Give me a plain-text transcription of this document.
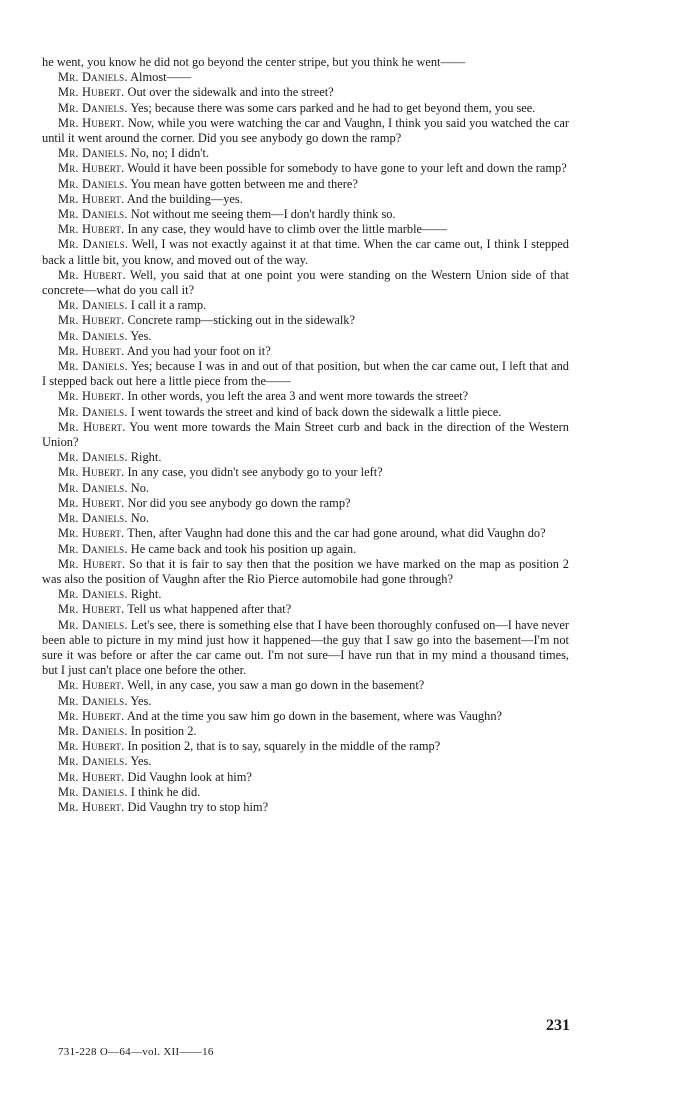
he went, you know he did not go beyond the center stripe, but you think he went——

Mr. Daniels. Almost——

Mr. Hubert. Out over the sidewalk and into the street?

Mr. Daniels. Yes; because there was some cars parked and he had to get beyond them, you see.

Mr. Hubert. Now, while you were watching the car and Vaughn, I think you said you watched the car until it went around the corner. Did you see anybody go down the ramp?

Mr. Daniels. No, no; I didn't.

Mr. Hubert. Would it have been possible for somebody to have gone to your left and down the ramp?

Mr. Daniels. You mean have gotten between me and there?

Mr. Hubert. And the building—yes.

Mr. Daniels. Not without me seeing them—I don't hardly think so.

Mr. Hubert. In any case, they would have to climb over the little marble——

Mr. Daniels. Well, I was not exactly against it at that time. When the car came out, I think I stepped back a little bit, you know, and moved out of the way.

Mr. Hubert. Well, you said that at one point you were standing on the Western Union side of that concrete—what do you call it?

Mr. Daniels. I call it a ramp.

Mr. Hubert. Concrete ramp—sticking out in the sidewalk?

Mr. Daniels. Yes.

Mr. Hubert. And you had your foot on it?

Mr. Daniels. Yes; because I was in and out of that position, but when the car came out, I left that and I stepped back out here a little piece from the——

Mr. Hubert. In other words, you left the area 3 and went more towards the street?

Mr. Daniels. I went towards the street and kind of back down the sidewalk a little piece.

Mr. Hubert. You went more towards the Main Street curb and back in the direction of the Western Union?

Mr. Daniels. Right.

Mr. Hubert. In any case, you didn't see anybody go to your left?

Mr. Daniels. No.

Mr. Hubert. Nor did you see anybody go down the ramp?

Mr. Daniels. No.

Mr. Hubert. Then, after Vaughn had done this and the car had gone around, what did Vaughn do?

Mr. Daniels. He came back and took his position up again.

Mr. Hubert. So that it is fair to say then that the position we have marked on the map as position 2 was also the position of Vaughn after the Rio Pierce automobile had gone through?

Mr. Daniels. Right.

Mr. Hubert. Tell us what happened after that?

Mr. Daniels. Let's see, there is something else that I have been thoroughly confused on—I have never been able to picture in my mind just how it happened—the guy that I saw go into the basement—I'm not sure it was before or after the car came out. I'm not sure—I have run that in my mind a thousand times, but I just can't place one before the other.

Mr. Hubert. Well, in any case, you saw a man go down in the basement?

Mr. Daniels. Yes.

Mr. Hubert. And at the time you saw him go down in the basement, where was Vaughn?

Mr. Daniels. In position 2.

Mr. Hubert. In position 2, that is to say, squarely in the middle of the ramp?

Mr. Daniels. Yes.

Mr. Hubert. Did Vaughn look at him?

Mr. Daniels. I think he did.

Mr. Hubert. Did Vaughn try to stop him?

231
731-228 O—64—vol. XII——16
